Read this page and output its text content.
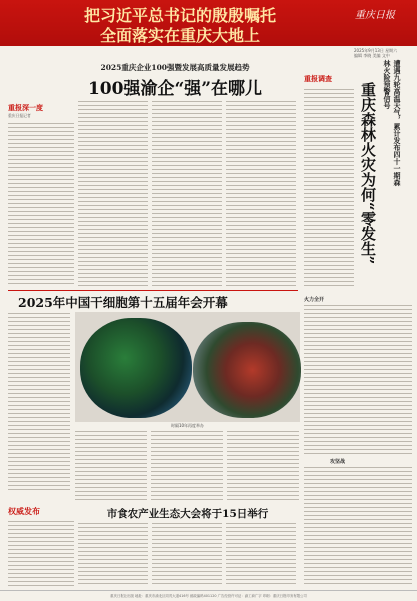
把习近平总书记的殷殷嘱托
全面落实在重庆大地上
重庆日报
2025年9月13日 星期六
编辑 李晓 美编 文中
2025重庆企业100强暨发展高质量发展趋势
100强渝企“强”在哪儿
重报深一度
重庆日报记者
重报调查	遭遇九轮高温天气，累计发布四十一期森林火险预警信号
重庆森林火灾为何“零发生”
火力全开
攻坚战
2025年中国干细胞第十五届年会开幕
时隔10年再度举办
权威发布	市食农产业生态大会将于15日举行
重庆日报社出版 地址：重庆市渝北区同茂大道416号 邮政编码401120 广告经营许可证：渝工商广字 印刷：重庆日报印务有限公司
